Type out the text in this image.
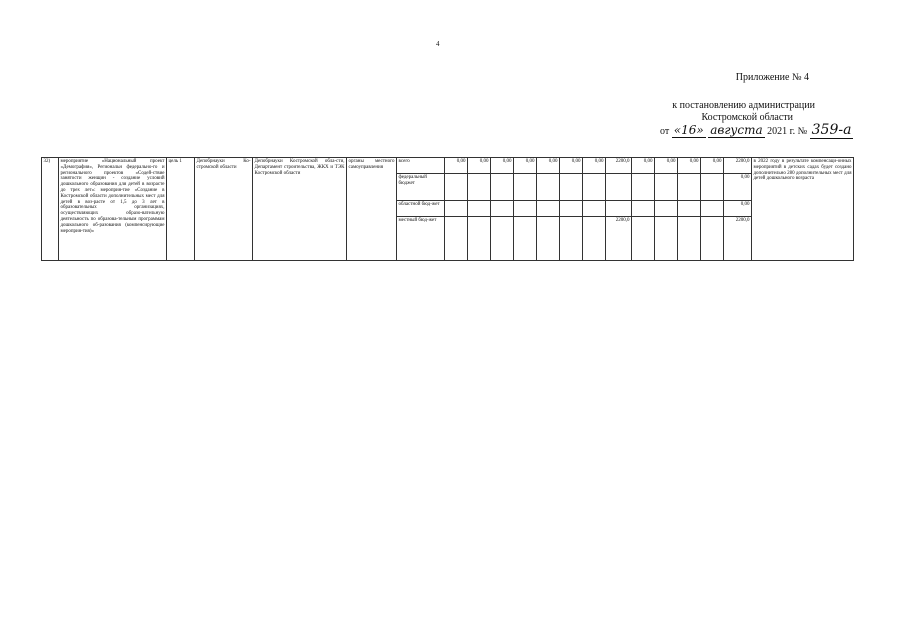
4
Приложение № 4
к постановлению администрации
Костромской области
от «16» августа 2021 г. № 359-а
32)	мероприятие «Национальный проект «Демография», Региональн федерально-го и регионального проектов «Содей-ствие занятости женщин - создание условий дошкольного образования для детей в возрасте до трех лет»: мероприя-тие «Создание в Костромской области дополнительных мест для детей в воз-расте от 1,5 до 3 лет в образовательных организациях, осуществляющих образо-вательную деятельность по образова-тельным программам дошкольного об-разования (компенсирующие мероприя-тия)»	цель 1	Депобрнауки Ко-стромской области	Депобрнауки Костромской обла-сти, Департамент строительства, ЖКХ и ТЭК Костромской области	органы местного самоуправления	всего	0,00	0,00	0,00	0,00	0,00	0,00	0,00	2200,0	0,00	0,00	0,00	0,00	2200,0	в 2022 году в результате компенсаци-онных мероприятий в детских садах будет создано дополнительно 280 дополнительных мест для детей дошкольного возраста
						федеральный бюджет													0,00	
						областной бюд-жет													0,00	
						местный бюд-жет								2200,0					2200,0	
